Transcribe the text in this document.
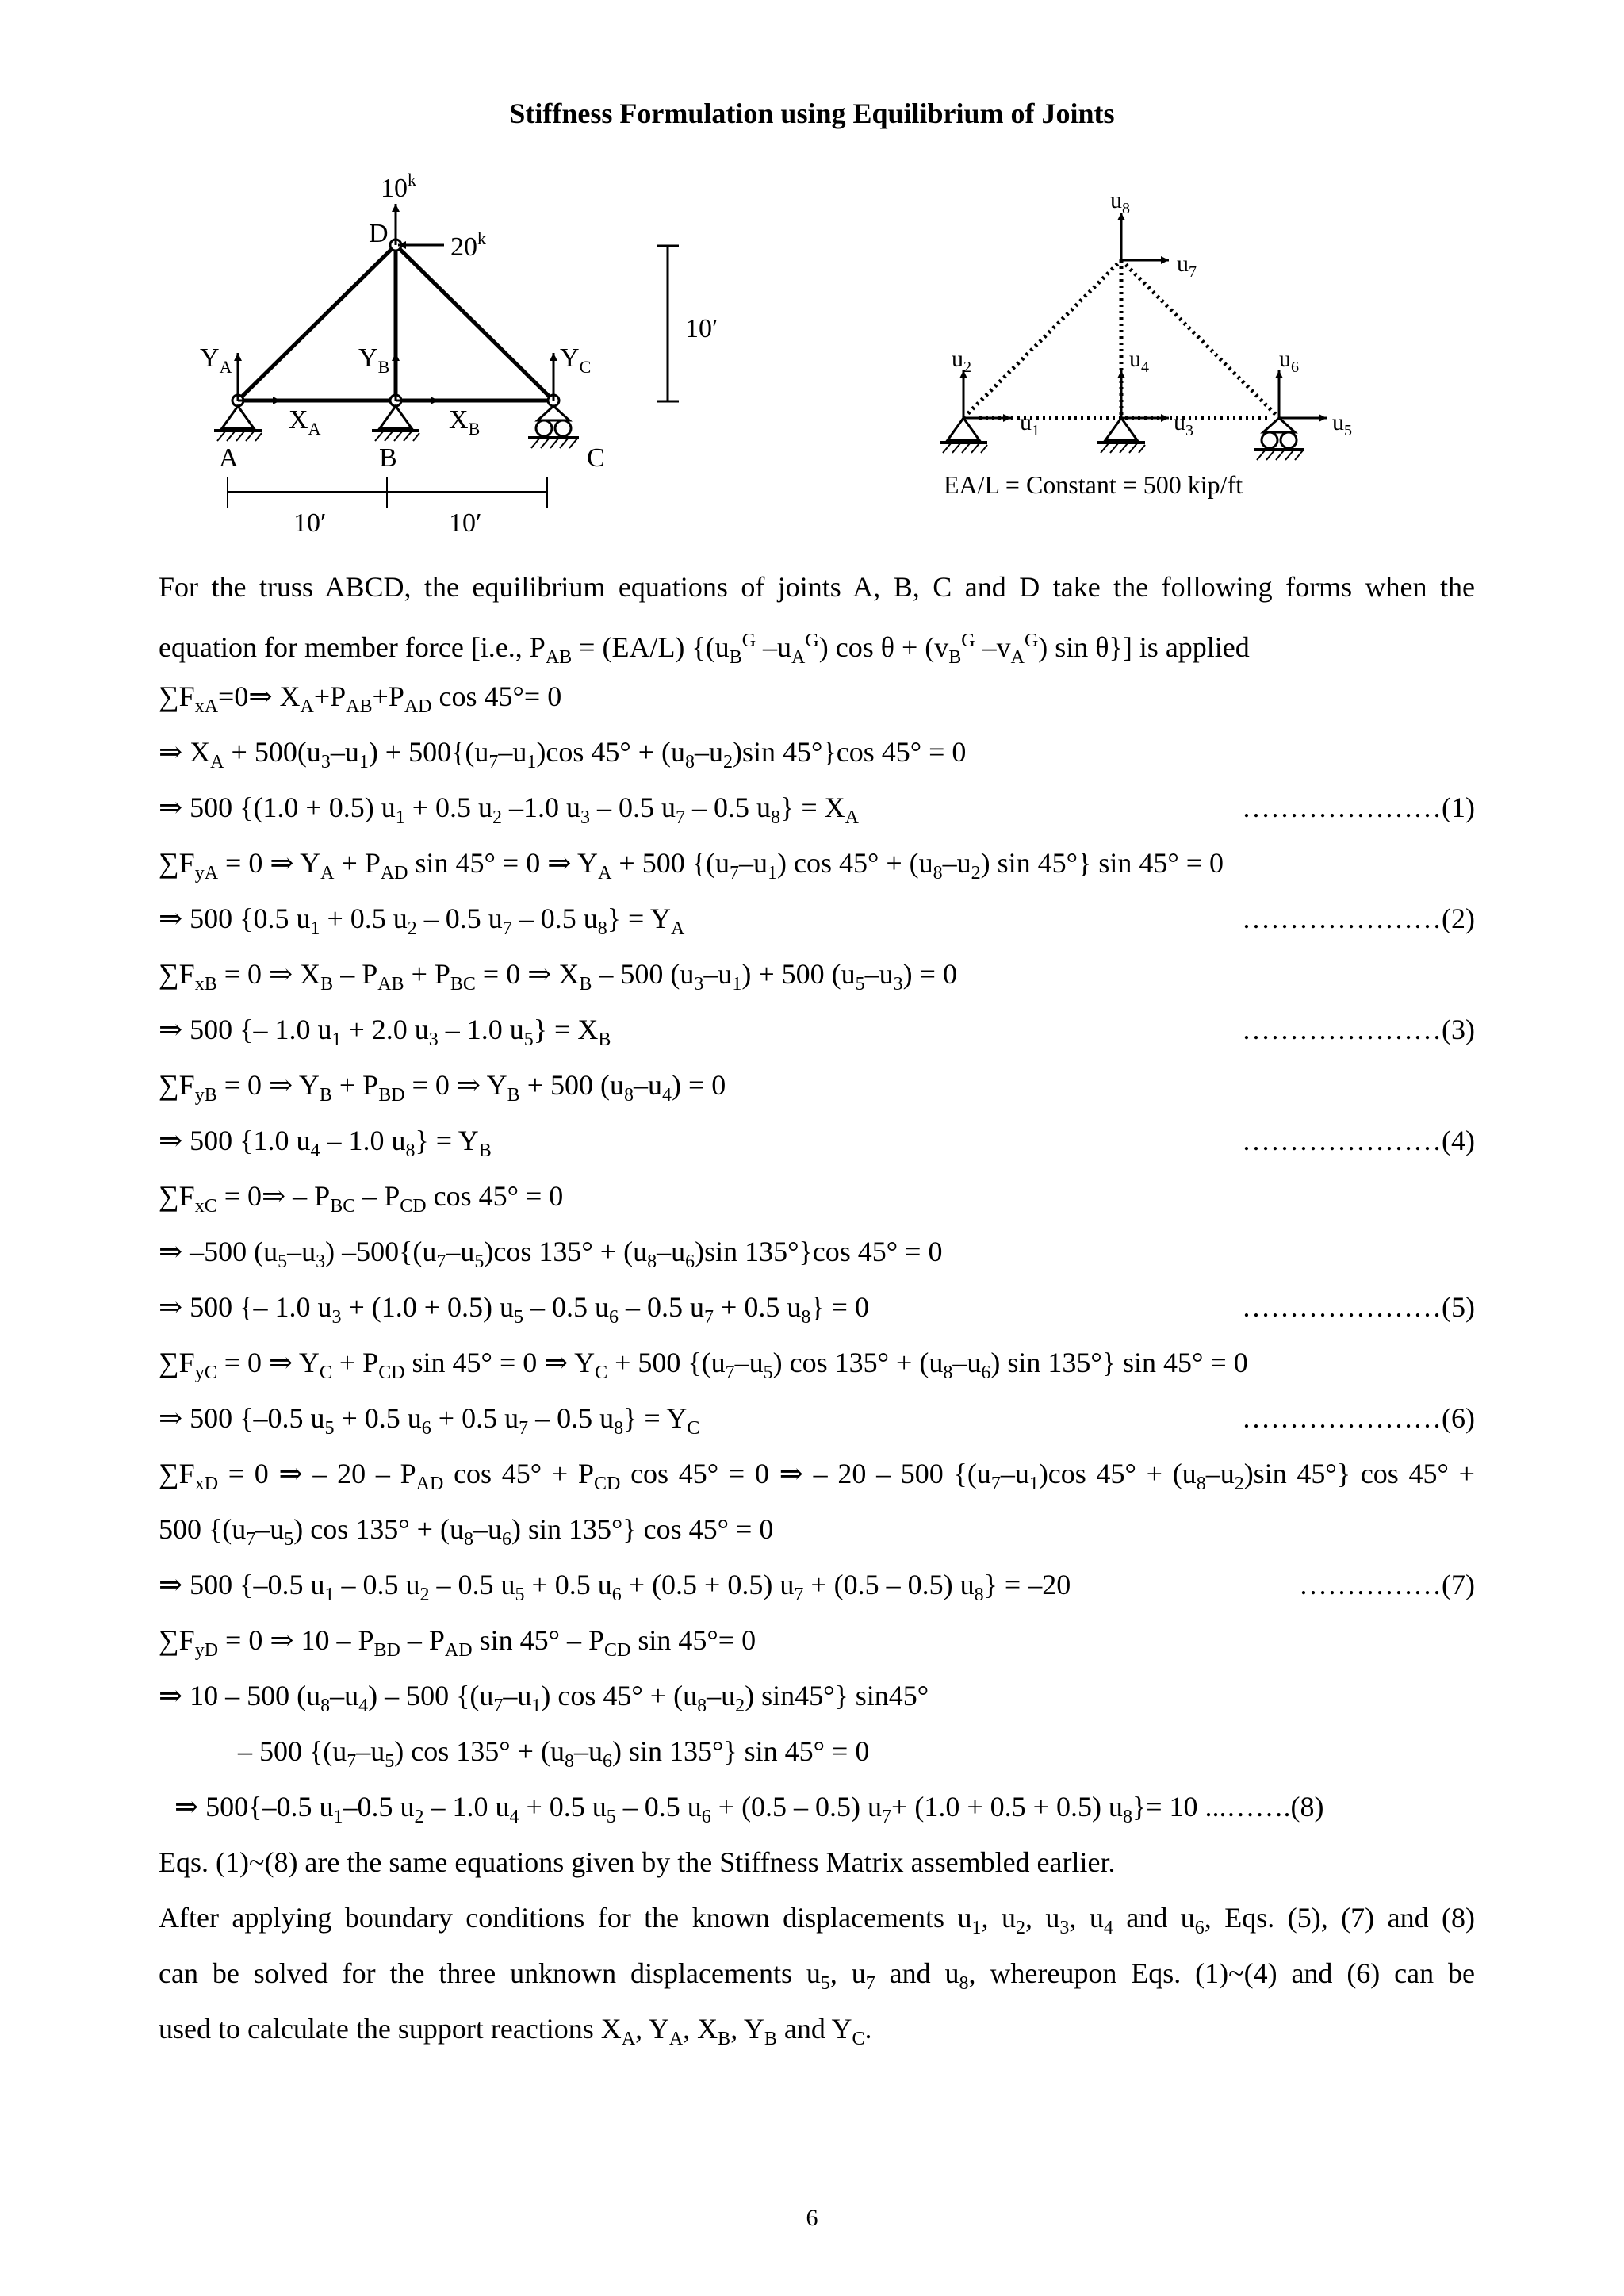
Stiffness Formulation using Equilibrium of Joints
10$^k$
20$^k$
D
$Y_A$	$Y_B$	$Y_C$
$X_A$	$X_B$
A	B	C
10′
10′	10′
$u_2$
$u_1$
$u_4$
$u_3$
$u_6$
$u_5$
$u_8$
$u_7$
EA/L = Constant = 500 kip/ft
For the truss ABCD, the equilibrium equations of joints A, B, C and D take the following forms when the
equation for member force [i.e., $P_{AB} = (EA/L)$ {($u_B^G$ $-u_A^G$) $\cos \theta + (v_B^G$ $-v_A^G$) sin θ}] is applied
$\sum F_{xA}=0\Rightarrow$ $X_A+P_{AB}+P_{AD}$ cos 45°= 0
⇒ $X_A + 500(u_3-u_1) + 500\{(u_7-u_1)\cos$ $45^\circ + (u_8-u_2)\sin$ 45°}cos 45° = 0
⇒ 500 {(1.0 + 0.5) $u_1 + 0.5$ $u_2$ –1.0 $u_3 - 0.5$ $u_7 - 0.5$ $u_8\} = X_A$	…………………(1)
$\sum F_{yA} = 0$ ⇒ $Y_A + P_{AD}$ sin 45° = 0 ⇒ $Y_A + 500$ {$(u_7-u_1)$ $\cos 45^\circ + (u_8-u_2)$ sin 45°} sin 45° = 0
⇒ 500 {0.5 $u_1 + 0.5$ $u_2 - 0.5$ $u_7 - 0.5$ $u_8\} = Y_A$	…………………(2)
$\sum F_{xB} = 0$ ⇒ $X_B - P_{AB} + P_{BC} = 0$ ⇒ $X_B - 500$ $(u_3-u_1) + 500$ $(u_5-u_3) = 0$
⇒ 500 {– 1.0 $u_1 + 2.0$ $u_3 - 1.0$ $u_5\} = X_B$	…………………(3)
$\sum F_{yB} = 0$ ⇒ $Y_B + P_{BD} = 0$ ⇒ $Y_B + 500$ $(u_8-u_4) = 0$
⇒ 500 {1.0 $u_4 - 1.0$ $u_8\} = Y_B$	…………………(4)
$\sum F_{xC}$ = 0⇒ – $P_{BC} - P_{CD}$ cos 45° = 0
⇒ –500 $(u_5-u_3)$ $-500\{(u_7-u_5)\cos$ $135^\circ + (u_8-u_6)\sin$ 135°}cos 45° = 0
⇒ 500 {– 1.0 $u_3 + (1.0 + 0.5)$ $u_5 - 0.5$ $u_6 - 0.5$ $u_7 + 0.5$ $u_8\} = 0$	…………………(5)
$\sum F_{yC} = 0$ ⇒ $Y_C + P_{CD}$ sin 45° = 0 ⇒ $Y_C + 500$ {$(u_7-u_5)$ $\cos 135^\circ + (u_8-u_6)$ sin 135°} sin 45° = 0
⇒ 500 {–0.5 $u_5 + 0.5$ $u_6 + 0.5$ $u_7 - 0.5$ $u_8\} = Y_C$	…………………(6)
$\sum F_{xD} = 0$ ⇒ – $20 - P_{AD}$ $\cos 45^\circ + P_{CD}$ cos 45° = 0 ⇒ – 20 – 500 {$(u_7-u_1)\cos$ $45^\circ + (u_8-u_2)\sin$ 45°} cos 45° +
500 {$(u_7-u_5)$ $\cos 135^\circ + (u_8-u_6)$ sin 135°} cos 45° = 0
⇒ 500 {–0.5 $u_1 - 0.5$ $u_2 - 0.5$ $u_5 + 0.5$ $u_6 + (0.5 + 0.5) u_7 + (0.5 - 0.5) u_8\} = -20$	……………(7)
$\sum F_{yD} = 0$ ⇒ $10 - P_{BD} - P_{AD}$ $\sin 45^\circ - P_{CD}$ sin 45°= 0
⇒ 10 – 500 $(u_8-u_4) - 500$ {$(u_7-u_1)$ $\cos 45^\circ + (u_8-u_2)$ sin45°} sin45°
– 500 {$(u_7-u_5)$ $\cos 135^\circ + (u_8-u_6)$ sin 135°} sin 45° = 0
⇒ 500{–0.5 $u_1-0.5$ $u_2 - 1.0$ $u_4 + 0.5$ $u_5 - 0.5$ $u_6 + (0.5 - 0.5)$ $u_7+ (1.0 + 0.5 + 0.5)$ $u_8\}= 10$ ...…….(8)
Eqs. (1)~(8) are the same equations given by the Stiffness Matrix assembled earlier.
After applying boundary conditions for the known displacements $u_1$, $u_2$, $u_3$, $u_4$ and $u_6$, Eqs. (5), (7) and (8)
can be solved for the three unknown displacements $u_5$, $u_7$ and $u_8$, whereupon Eqs. (1)~(4) and (6) can be
used to calculate the support reactions $X_A$, $Y_A$, $X_B$, $Y_B$ and $Y_C$.
6
